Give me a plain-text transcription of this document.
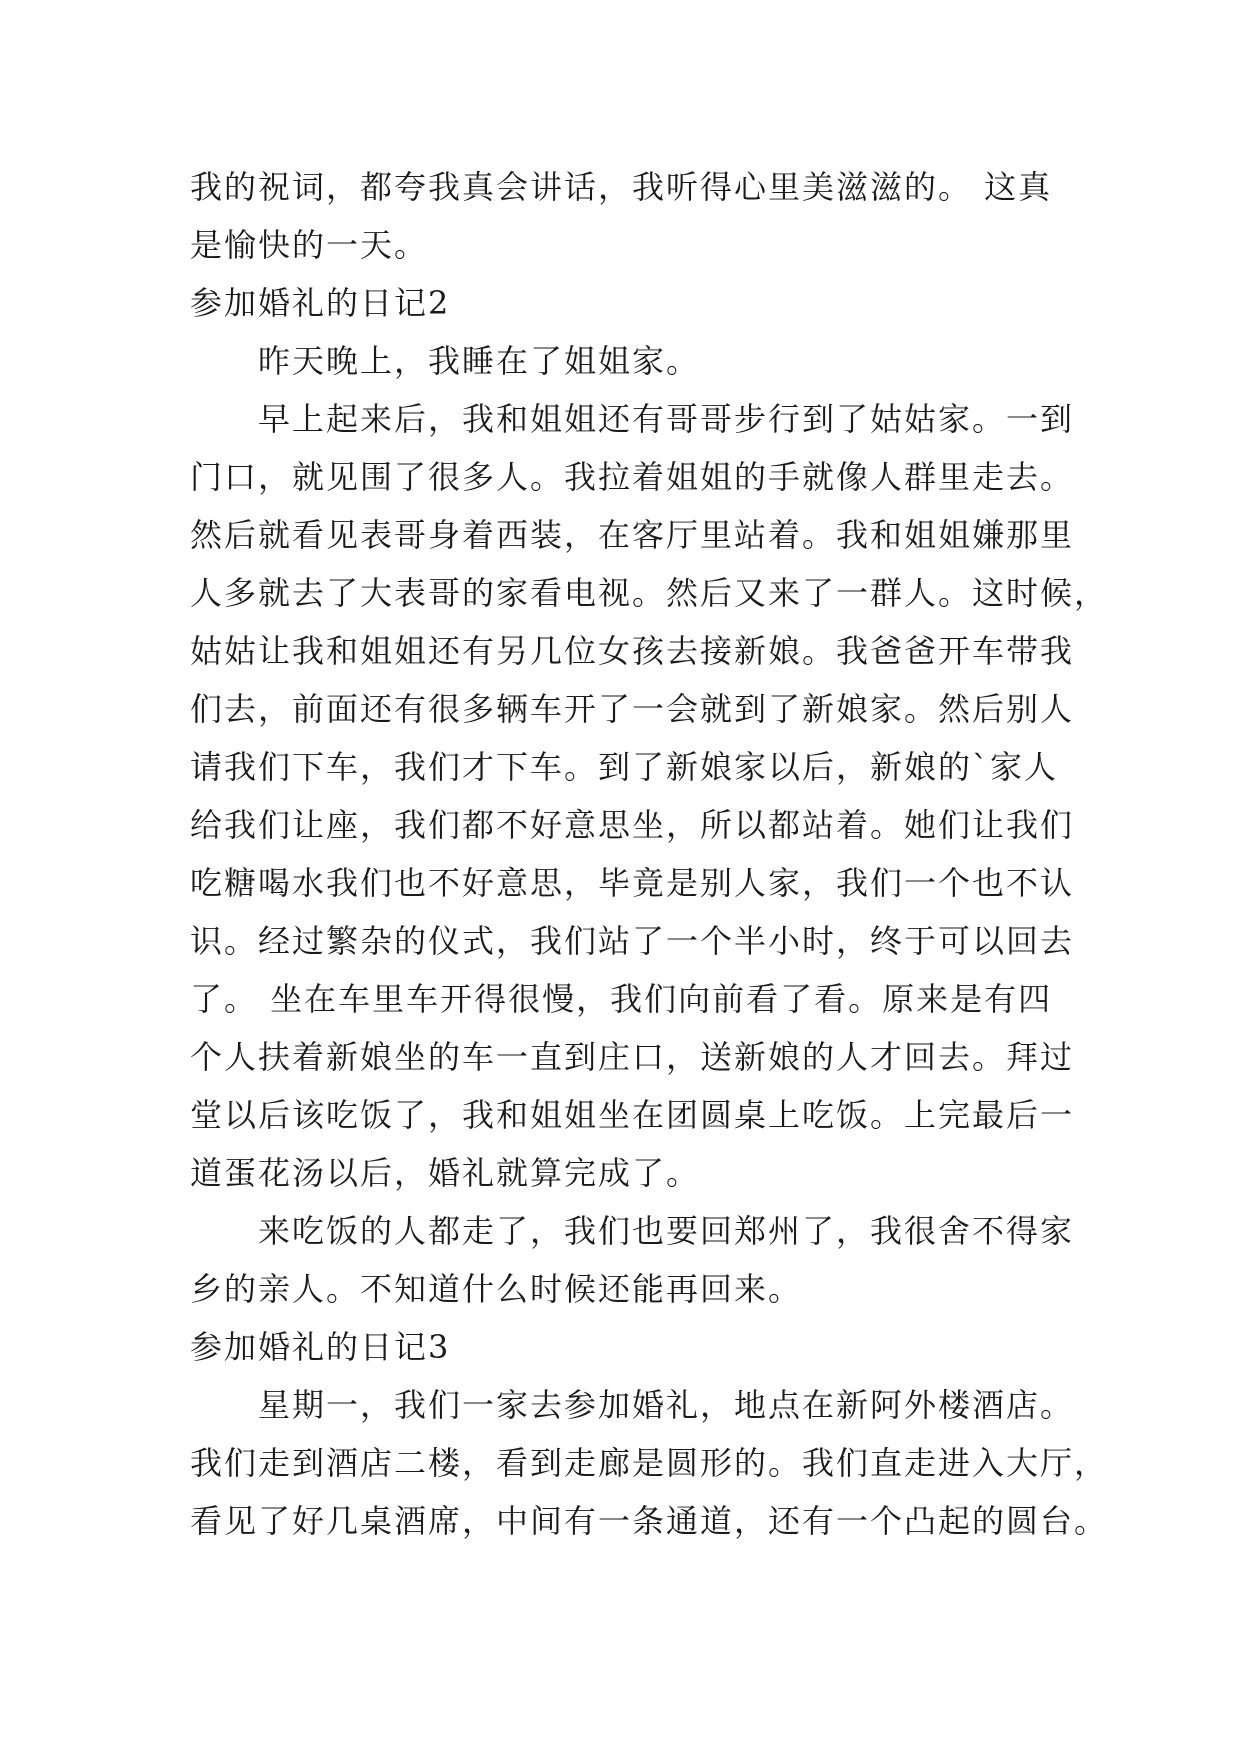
我的祝词，都夸我真会讲话，我听得心里美滋滋的。 这真
是愉快的一天。
参加婚礼的日记2
昨天晚上，我睡在了姐姐家。
早上起来后，我和姐姐还有哥哥步行到了姑姑家。一到
门口，就见围了很多人。我拉着姐姐的手就像人群里走去。
然后就看见表哥身着西装，在客厅里站着。我和姐姐嫌那里
人多就去了大表哥的家看电视。然后又来了一群人。这时候，
姑姑让我和姐姐还有另几位女孩去接新娘。我爸爸开车带我
们去，前面还有很多辆车开了一会就到了新娘家。然后别人
请我们下车，我们才下车。到了新娘家以后，新娘的`家人
给我们让座，我们都不好意思坐，所以都站着。她们让我们
吃糖喝水我们也不好意思，毕竟是别人家，我们一个也不认
识。经过繁杂的仪式，我们站了一个半小时，终于可以回去
了。 坐在车里车开得很慢，我们向前看了看。原来是有四
个人扶着新娘坐的车一直到庄口，送新娘的人才回去。拜过
堂以后该吃饭了，我和姐姐坐在团圆桌上吃饭。上完最后一
道蛋花汤以后，婚礼就算完成了。
来吃饭的人都走了，我们也要回郑州了，我很舍不得家
乡的亲人。不知道什么时候还能再回来。
参加婚礼的日记3
星期一，我们一家去参加婚礼，地点在新阿外楼酒店。
我们走到酒店二楼，看到走廊是圆形的。我们直走进入大厅，
看见了好几桌酒席，中间有一条通道，还有一个凸起的圆台。
